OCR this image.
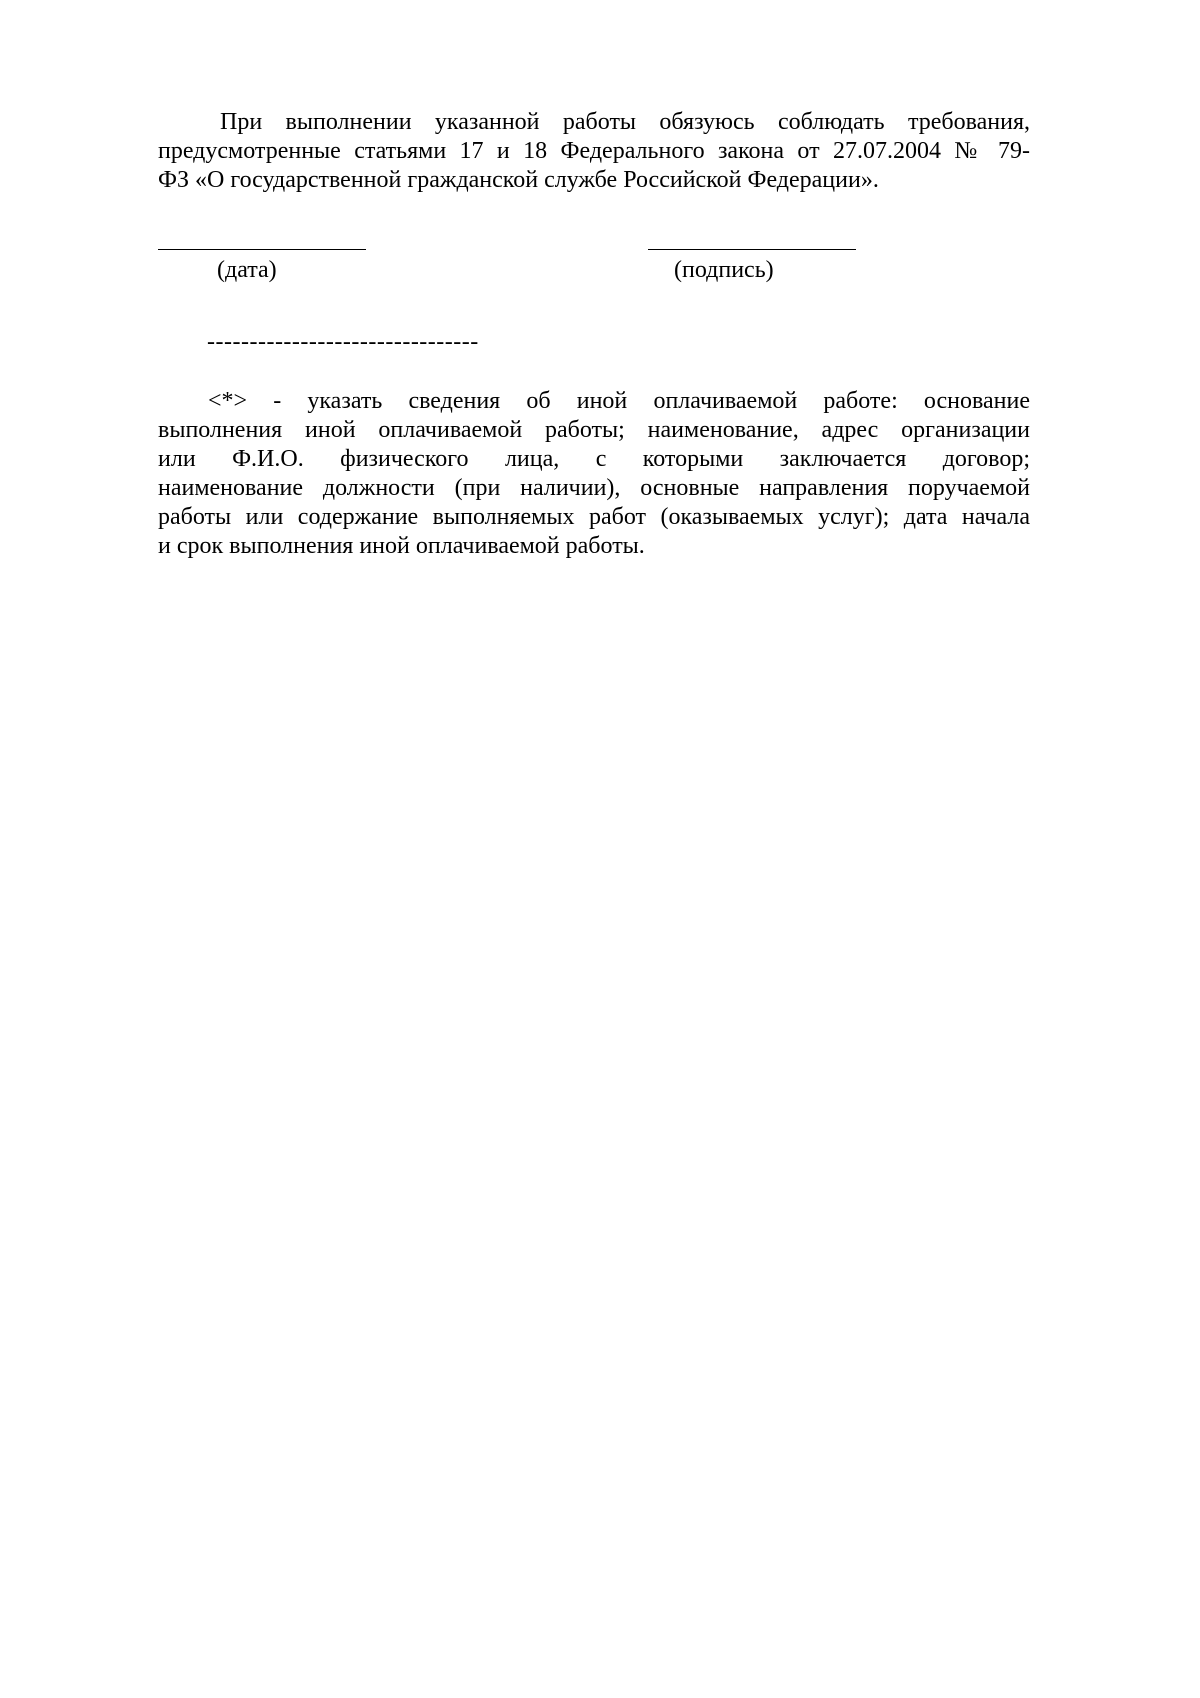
При выполнении указанной работы обязуюсь соблюдать требования,
предусмотренные статьями 17 и 18 Федерального закона от 27.07.2004 № 79-
ФЗ «О государственной гражданской службе Российской Федерации».
(дата)	(подпись)
--------------------------------
<*> - указать сведения об иной оплачиваемой работе: основание
выполнения иной оплачиваемой работы; наименование, адрес организации
или Ф.И.О. физического лица, с которыми заключается договор;
наименование должности (при наличии), основные направления поручаемой
работы или содержание выполняемых работ (оказываемых услуг); дата начала
и срок выполнения иной оплачиваемой работы.
